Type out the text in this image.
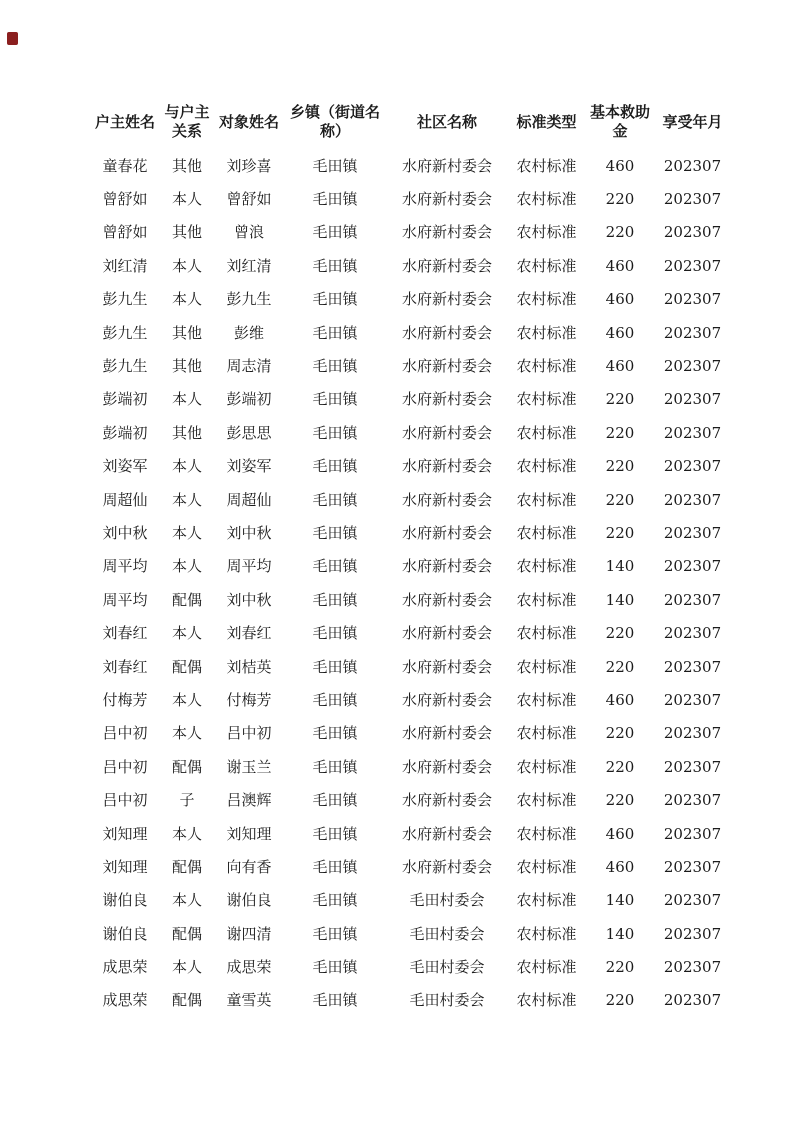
户主姓名	与户主关系	对象姓名	乡镇（街道名称）	社区名称	标准类型	基本救助金	享受年月
童春花	其他	刘珍喜	毛田镇	水府新村委会	农村标准	460	202307
曾舒如	本人	曾舒如	毛田镇	水府新村委会	农村标准	220	202307
曾舒如	其他	曾浪	毛田镇	水府新村委会	农村标准	220	202307
刘红清	本人	刘红清	毛田镇	水府新村委会	农村标准	460	202307
彭九生	本人	彭九生	毛田镇	水府新村委会	农村标准	460	202307
彭九生	其他	彭维	毛田镇	水府新村委会	农村标准	460	202307
彭九生	其他	周志清	毛田镇	水府新村委会	农村标准	460	202307
彭端初	本人	彭端初	毛田镇	水府新村委会	农村标准	220	202307
彭端初	其他	彭思思	毛田镇	水府新村委会	农村标准	220	202307
刘姿军	本人	刘姿军	毛田镇	水府新村委会	农村标准	220	202307
周超仙	本人	周超仙	毛田镇	水府新村委会	农村标准	220	202307
刘中秋	本人	刘中秋	毛田镇	水府新村委会	农村标准	220	202307
周平均	本人	周平均	毛田镇	水府新村委会	农村标准	140	202307
周平均	配偶	刘中秋	毛田镇	水府新村委会	农村标准	140	202307
刘春红	本人	刘春红	毛田镇	水府新村委会	农村标准	220	202307
刘春红	配偶	刘桔英	毛田镇	水府新村委会	农村标准	220	202307
付梅芳	本人	付梅芳	毛田镇	水府新村委会	农村标准	460	202307
吕中初	本人	吕中初	毛田镇	水府新村委会	农村标准	220	202307
吕中初	配偶	谢玉兰	毛田镇	水府新村委会	农村标准	220	202307
吕中初	子	吕澳辉	毛田镇	水府新村委会	农村标准	220	202307
刘知理	本人	刘知理	毛田镇	水府新村委会	农村标准	460	202307
刘知理	配偶	向有香	毛田镇	水府新村委会	农村标准	460	202307
谢伯良	本人	谢伯良	毛田镇	毛田村委会	农村标准	140	202307
谢伯良	配偶	谢四清	毛田镇	毛田村委会	农村标准	140	202307
成思荣	本人	成思荣	毛田镇	毛田村委会	农村标准	220	202307
成思荣	配偶	童雪英	毛田镇	毛田村委会	农村标准	220	202307
